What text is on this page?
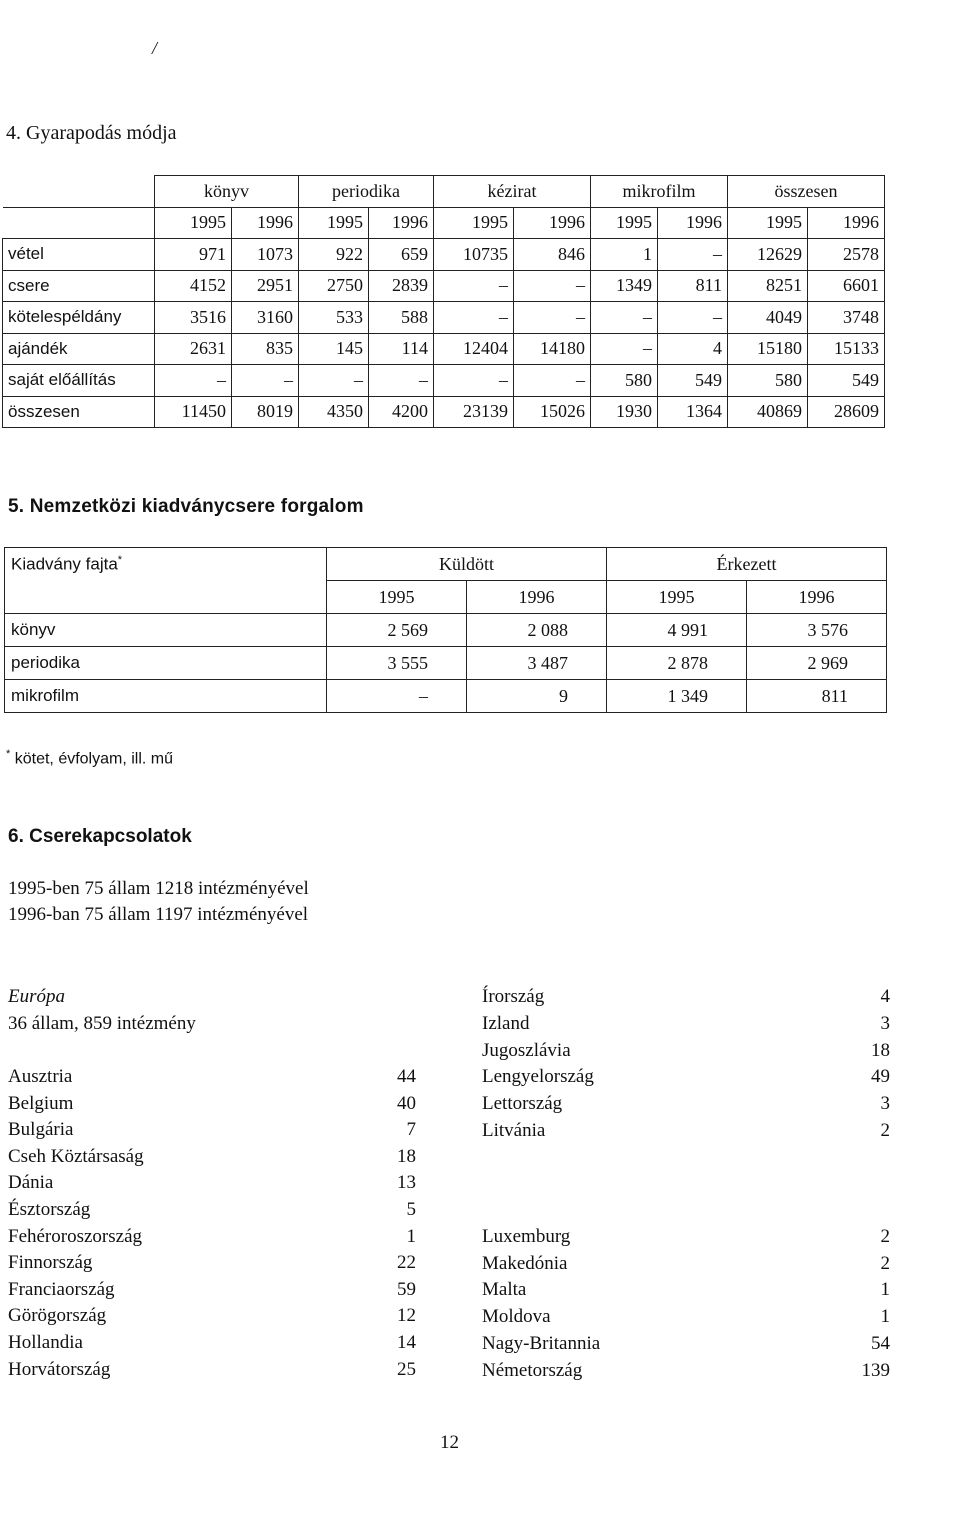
/
4. Gyarapodás módja
	könyv		periodika		kézirat		mikrofilm		összesen	
	1995	1996	1995	1996	1995	1996	1995	1996	1995	1996
vétel	971	1073	922	659	10735	846	1	–	12629	2578
csere	4152	2951	2750	2839	–	–	1349	811	8251	6601
kötelespéldány	3516	3160	533	588	–	–	–	–	4049	3748
ajándék	2631	835	145	114	12404	14180	–	4	15180	15133
saját előállítás	–	–	–	–	–	–	580	549	580	549
összesen	11450	8019	4350	4200	23139	15026	1930	1364	40869	28609
5. Nemzetközi kiadványcsere forgalom
Kiadvány fajta*	Küldött		Érkezett	
	1995	1996	1995	1996
könyv	2 569	2 088	4 991	3 576
periodika	3 555	3 487	2 878	2 969
mikrofilm	–	9	1 349	811
* kötet, évfolyam, ill. mű
6. Cserekapcsolatok
1995-ben 75 állam 1218 intézményével
1996-ban 75 állam 1197 intézményével
Európa
36 állam, 859 intézmény
Ausztria	44
Belgium	40
Bulgária	7
Cseh Köztársaság	18
Dánia	13
Észtország	5
Fehéroroszország	1
Finnország	22
Franciaország	59
Görögország	12
Hollandia	14
Horvátország	25
Írország	4
Izland	3
Jugoszlávia	18
Lengyelország	49
Lettország	3
Litvánia	2
Luxemburg	2
Makedónia	2
Malta	1
Moldova	1
Nagy-Britannia	54
Németország	139
12
